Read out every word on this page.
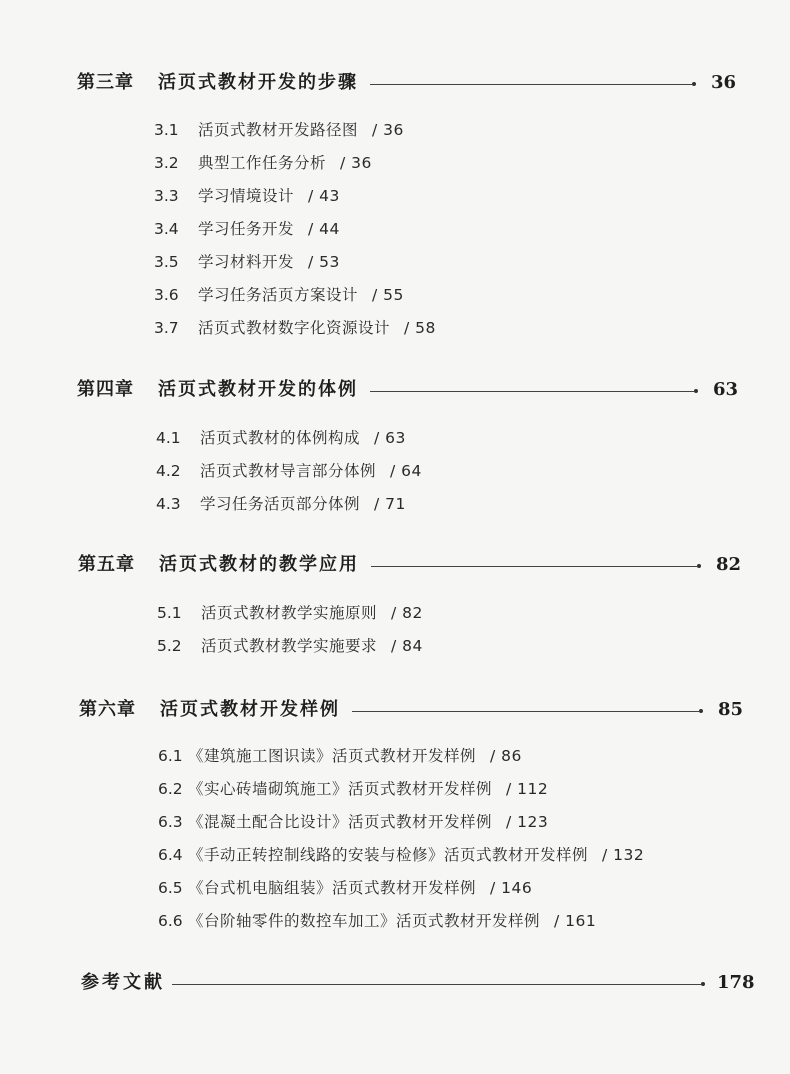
第三章 活页式教材开发的步骤	36
3.1 活页式教材开发路径图 / 36
3.2 典型工作任务分析 / 36
3.3 学习情境设计 / 43
3.4 学习任务开发 / 44
3.5 学习材料开发 / 53
3.6 学习任务活页方案设计 / 55
3.7 活页式教材数字化资源设计 / 58
第四章 活页式教材开发的体例	63
4.1 活页式教材的体例构成 / 63
4.2 活页式教材导言部分体例 / 64
4.3 学习任务活页部分体例 / 71
第五章 活页式教材的教学应用	82
5.1 活页式教材教学实施原则 / 82
5.2 活页式教材教学实施要求 / 84
第六章 活页式教材开发样例	85
6.1 《建筑施工图识读》活页式教材开发样例 / 86
6.2 《实心砖墙砌筑施工》活页式教材开发样例 / 112
6.3 《混凝土配合比设计》活页式教材开发样例 / 123
6.4 《手动正转控制线路的安装与检修》活页式教材开发样例 / 132
6.5 《台式机电脑组装》活页式教材开发样例 / 146
6.6 《台阶轴零件的数控车加工》活页式教材开发样例 / 161
参考文献	178
